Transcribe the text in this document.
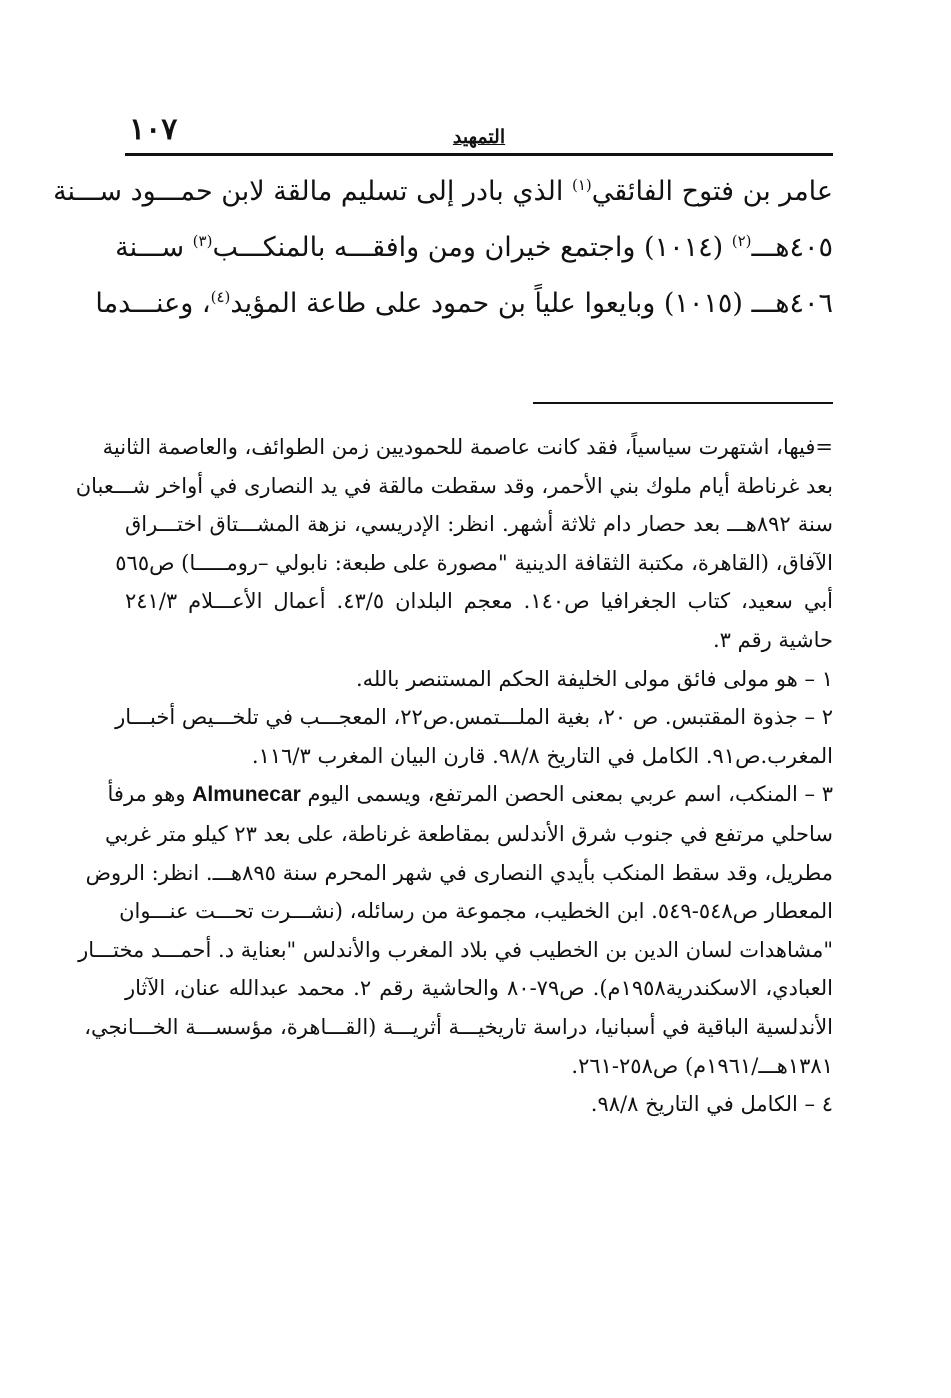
١٠٧	التمهيد
عامر بن فتوح الفائقي$^{(١)}$ الذي بادر إلى تسليم مالقة لابن حمـــود ســـنة
٤٠٥هـــ$^{(٢)}$ (١٠١٤) واجتمع خيران ومن وافقـــه بالمنكـــب$^{(٣)}$ ســـنة
٤٠٦هـــ (١٠١٥) وبايعوا علياً بن حمود على طاعة المؤيد$^{(٤)}$، وعنـــدما
=فيها، اشتهرت سياسياً، فقد كانت عاصمة للحموديين زمن الطوائف، والعاصمة الثانية
بعد غرناطة أيام ملوك بني الأحمر، وقد سقطت مالقة في يد النصارى في أواخر شـــعبان
سنة ٨٩٢هـــ بعد حصار دام ثلاثة أشهر. انظر: الإدريسي، نزهة المشـــتاق اختـــراق
الآفاق، (القاهرة، مكتبة الثقافة الدينية "مصورة على طبعة: نابولي –رومـــــا) ص٥٦٥
أبي سعيد، كتاب الجغرافيا ص١٤٠. معجم البلدان ٤٣/٥. أعمال الأعـــلام ٢٤١/٣
حاشية رقم ٣.
١ – هو مولى فائق مولى الخليفة الحكم المستنصر بالله.
٢ – جذوة المقتبس. ص ٢٠، بغية الملـــتمس.ص٢٢، المعجـــب في تلخـــيص أخبـــار
المغرب.ص٩١. الكامل في التاريخ ٩٨/٨. قارن البيان المغرب ١١٦/٣.
٣ – المنكب، اسم عربي بمعنى الحصن المرتفع، ويسمى اليوم Almunecar وهو مرفأ
ساحلي مرتفع في جنوب شرق الأندلس بمقاطعة غرناطة، على بعد ٢٣ كيلو متر غربي
مطريل، وقد سقط المنكب بأيدي النصارى في شهر المحرم سنة ٨٩٥هـــ. انظر: الروض
المعطار ص٥٤٨-٥٤٩. ابن الخطيب، مجموعة من رسائله، (نشـــرت تحـــت عنـــوان
"مشاهدات لسان الدين بن الخطيب في بلاد المغرب والأندلس "بعناية د. أحمـــد مختـــار
العبادي، الاسكندرية١٩٥٨م). ص٧٩-٨٠ والحاشية رقم ٢. محمد عبدالله عنان، الآثار
الأندلسية الباقية في أسبانيا، دراسة تاريخيـــة أثريـــة (القـــاهرة، مؤسســـة الخـــانجي،
١٣٨١هـــ/١٩٦١م) ص٢٥٨-٢٦١.
٤ – الكامل في التاريخ ٩٨/٨.
